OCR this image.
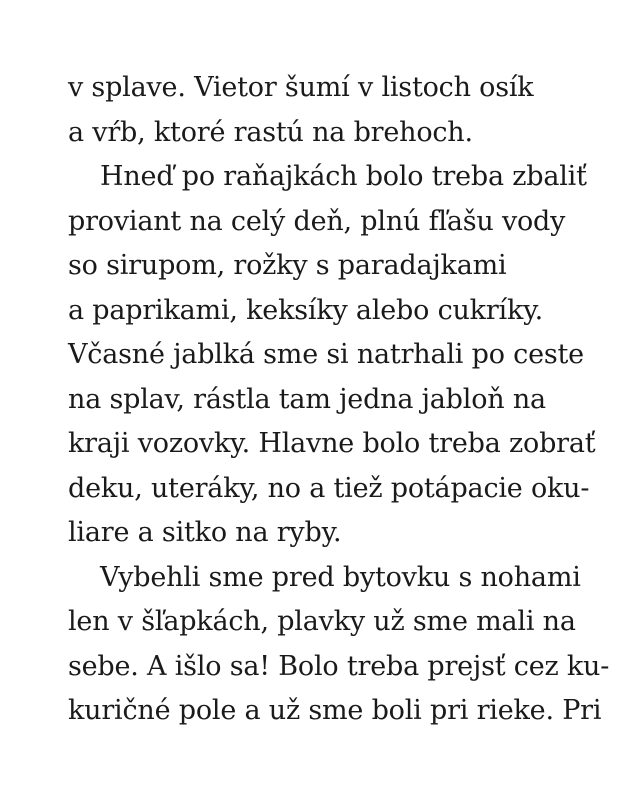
v splave. Vietor šumí v listoch osík
a vŕb, ktoré rastú na brehoch.
Hneď po raňajkách bolo treba zbaliť
proviant na celý deň, plnú fľašu vody
so sirupom, rožky s paradajkami
a paprikami, keksíky alebo cukríky.
Včasné jablká sme si natrhali po ceste
na splav, rástla tam jedna jabloň na
kraji vozovky. Hlavne bolo treba zobrať
deku, uteráky, no a tiež potápacie oku-
liare a sitko na ryby.
Vybehli sme pred bytovku s nohami
len v šľapkách, plavky už sme mali na
sebe. A išlo sa! Bolo treba prejsť cez ku-
kuričné pole a už sme boli pri rieke. Pri
